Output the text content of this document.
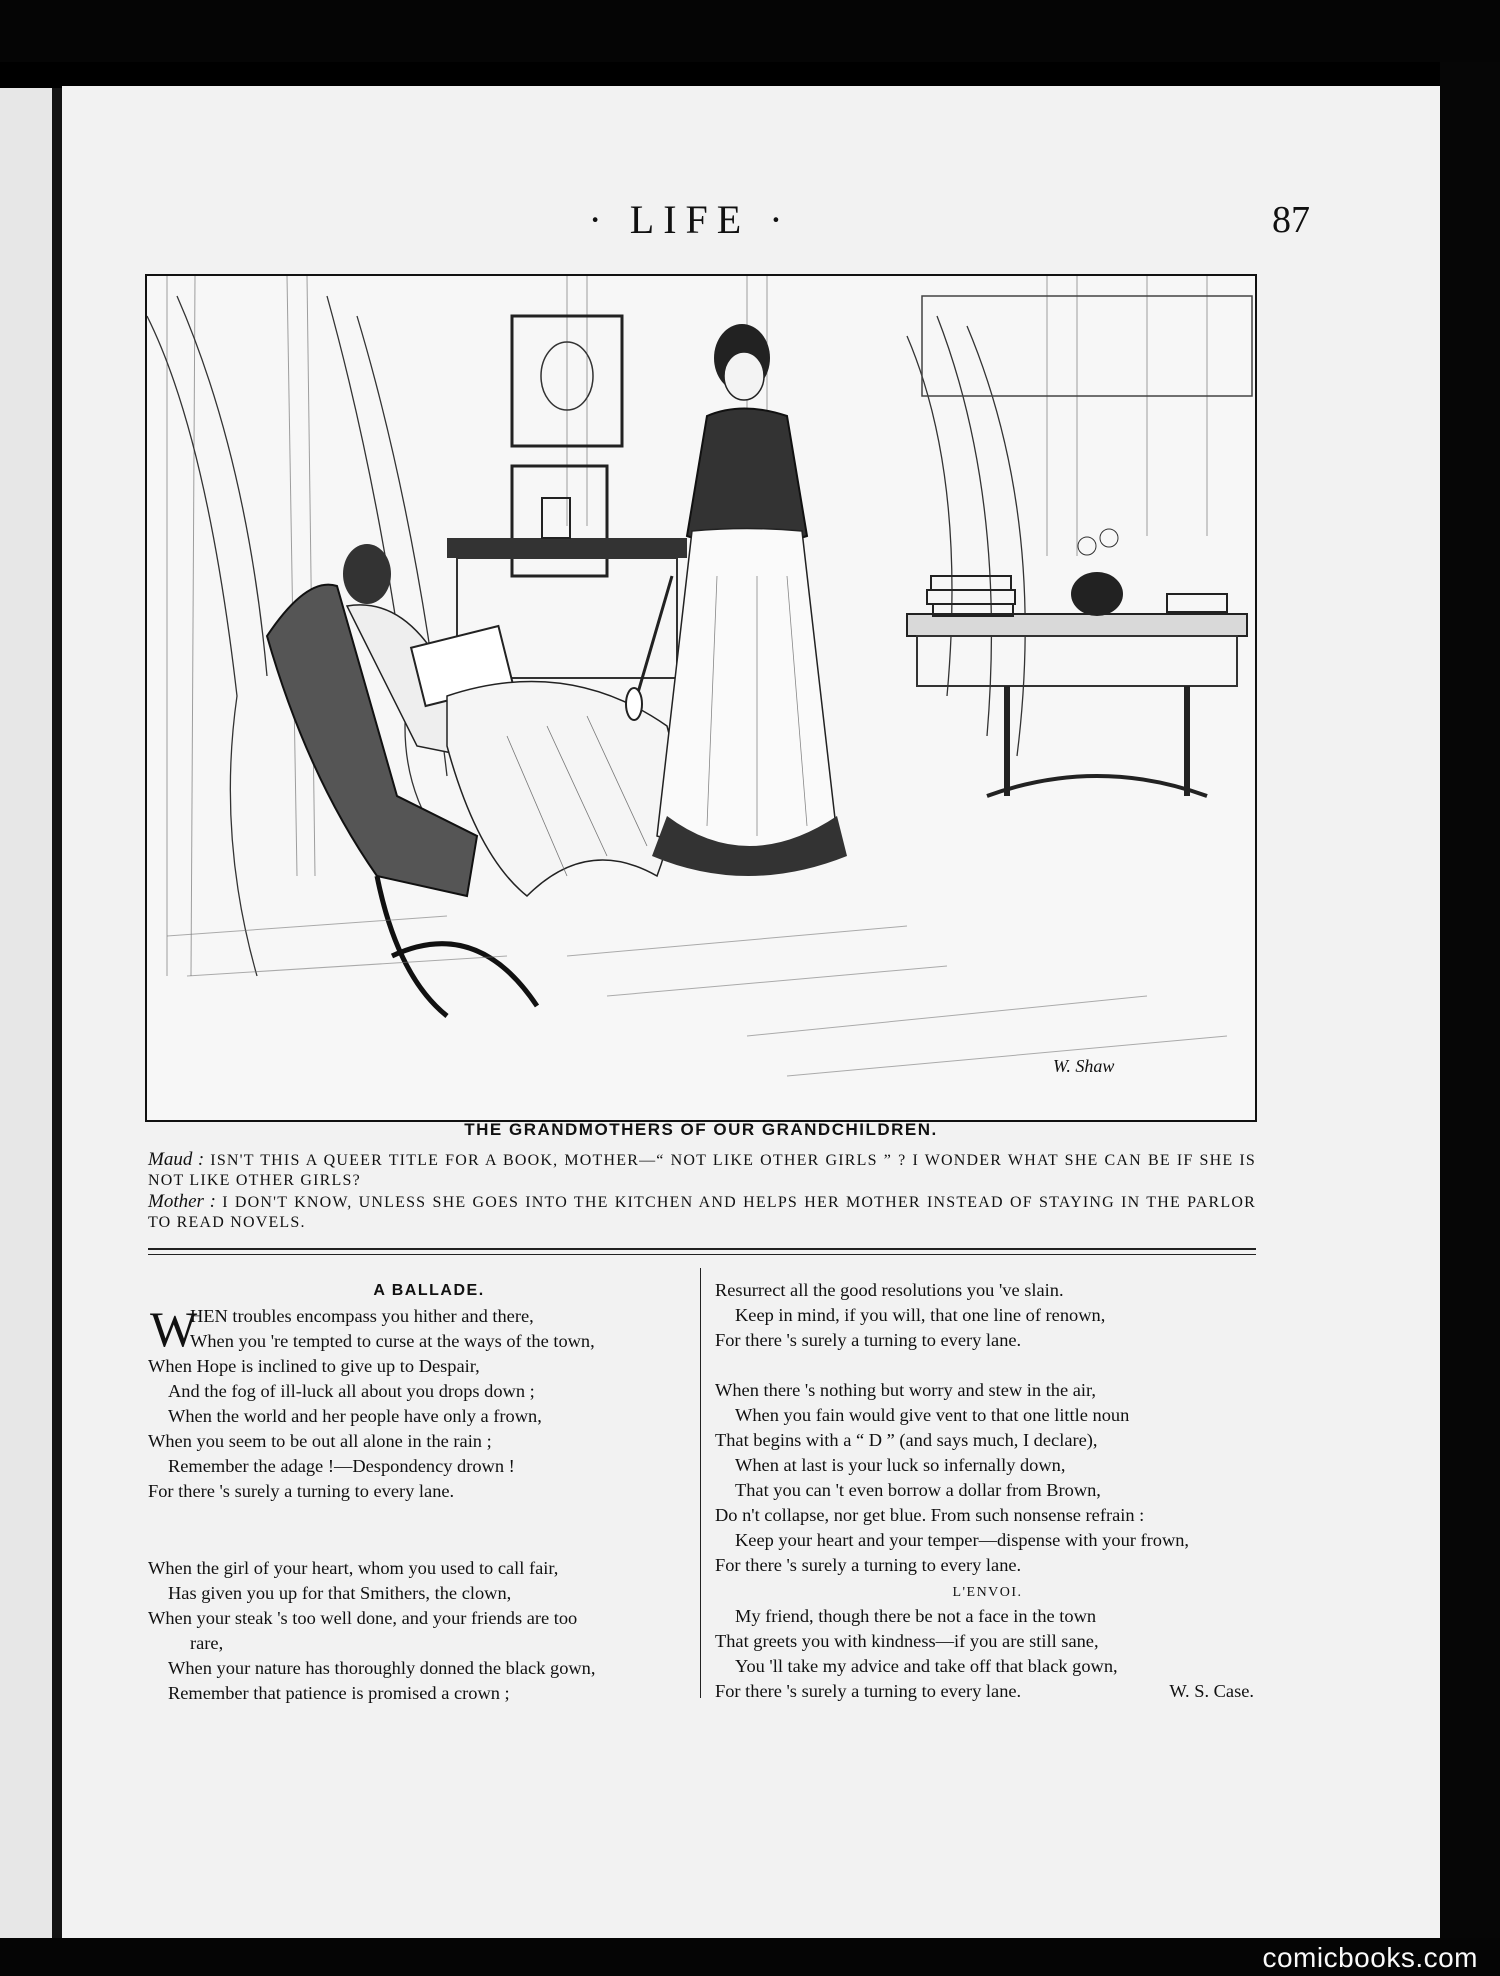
· LIFE ·	87
W. Shaw
THE GRANDMOTHERS OF OUR GRANDCHILDREN.
Maud : ISN'T THIS A QUEER TITLE FOR A BOOK, MOTHER—“ NOT LIKE OTHER GIRLS ” ? I WONDER WHAT SHE CAN BE IF SHE IS NOT LIKE OTHER GIRLS?
Mother : I DON'T KNOW, UNLESS SHE GOES INTO THE KITCHEN AND HELPS HER MOTHER INSTEAD OF STAYING IN THE PARLOR TO READ NOVELS.
A BALLADE.
W
HEN troubles encompass you hither and there,
When you 're tempted to curse at the ways of the town,
When Hope is inclined to give up to Despair,
And the fog of ill-luck all about you drops down ;
When the world and her people have only a frown,
When you seem to be out all alone in the rain ;
Remember the adage !—Despondency drown !
For there 's surely a turning to every lane.
When the girl of your heart, whom you used to call fair,
Has given you up for that Smithers, the clown,
When your steak 's too well done, and your friends are too
rare,
When your nature has thoroughly donned the black gown,
Remember that patience is promised a crown ;
Resurrect all the good resolutions you 've slain.
Keep in mind, if you will, that one line of renown,
For there 's surely a turning to every lane.
When there 's nothing but worry and stew in the air,
When you fain would give vent to that one little noun
That begins with a “ D ” (and says much, I declare),
When at last is your luck so infernally down,
That you can 't even borrow a dollar from Brown,
Do n't collapse, nor get blue. From such nonsense refrain :
Keep your heart and your temper—dispense with your frown,
For there 's surely a turning to every lane.
L'ENVOI.
My friend, though there be not a face in the town
That greets you with kindness—if you are still sane,
You 'll take my advice and take off that black gown,
For there 's surely a turning to every lane.	W. S. Case.
comicbooks.com
